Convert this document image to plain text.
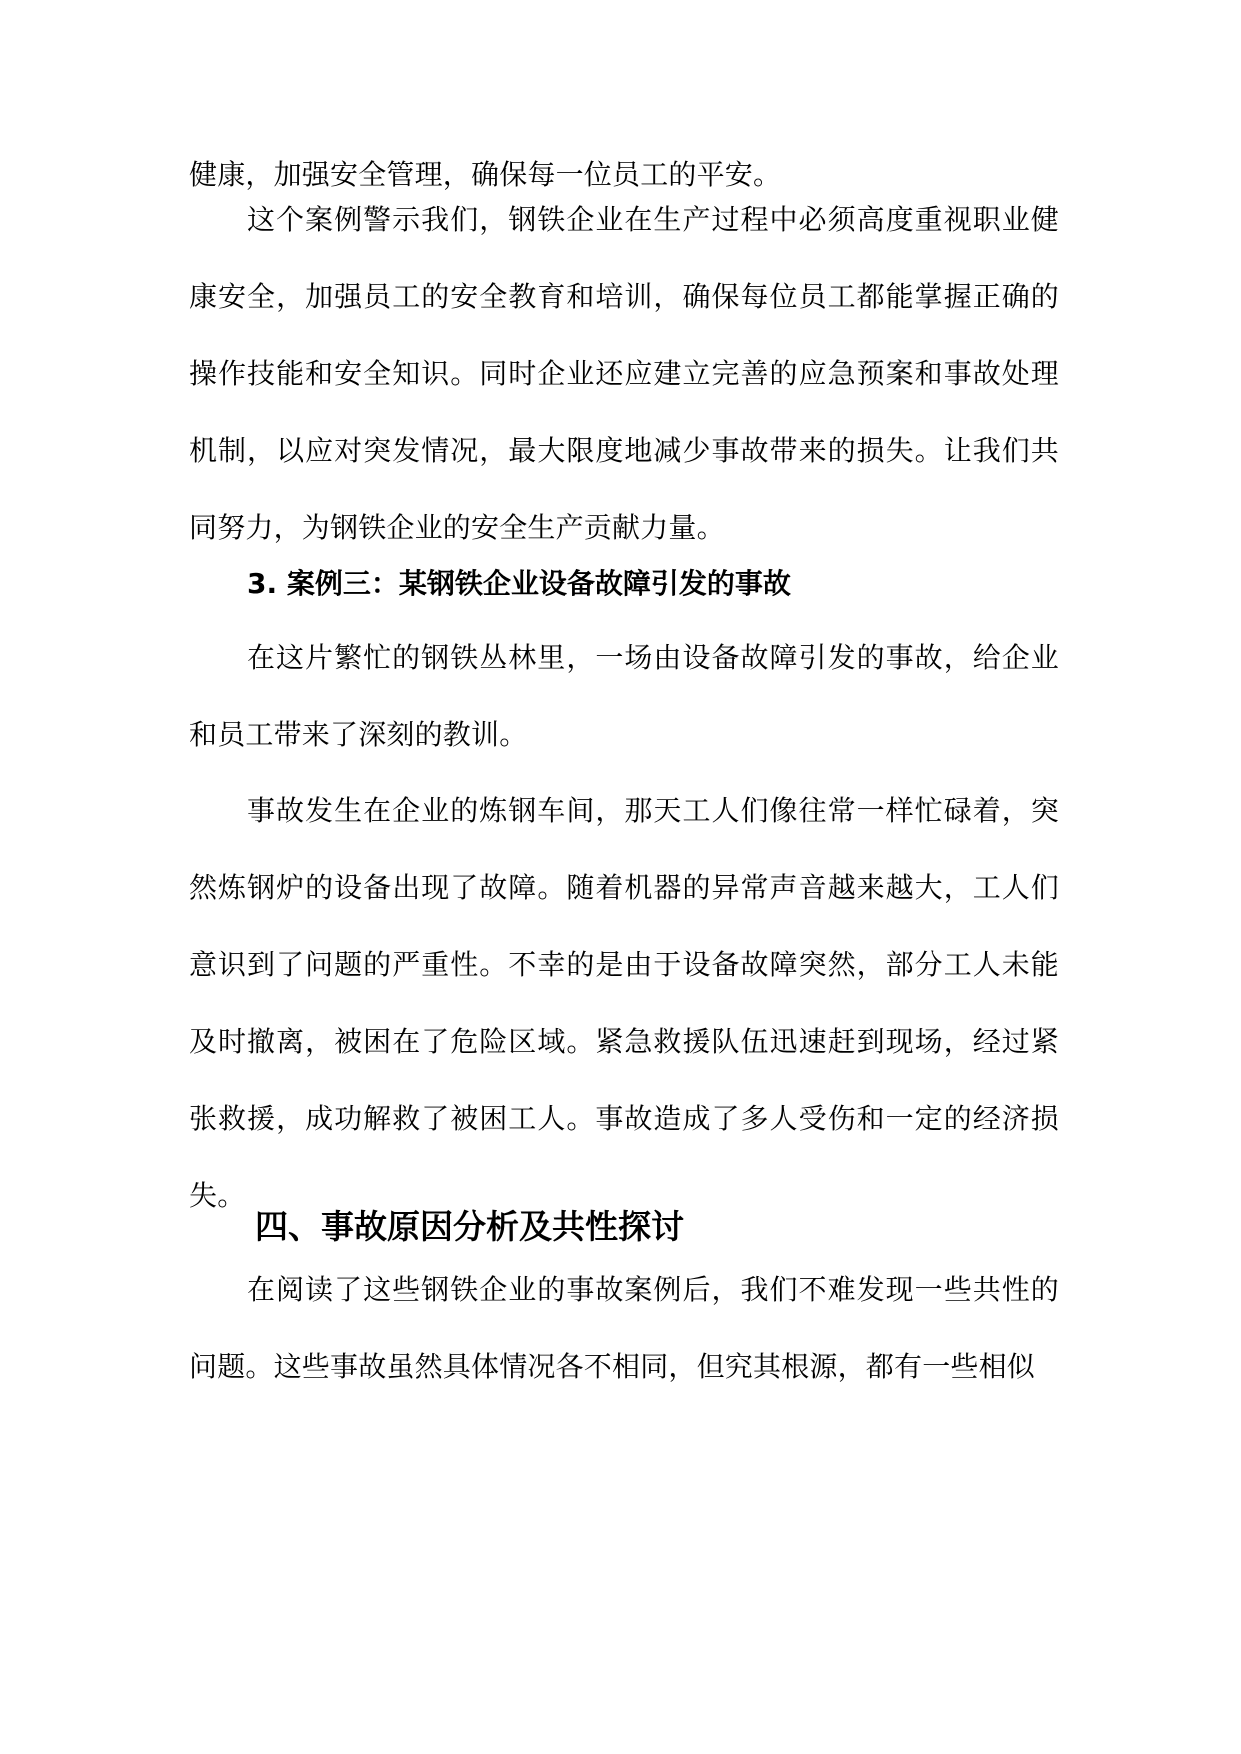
健康，加强安全管理，确保每一位员工的平安。

这个案例警示我们，钢铁企业在生产过程中必须高度重视职业健康安全，加强员工的安全教育和培训，确保每位员工都能掌握正确的操作技能和安全知识。同时企业还应建立完善的应急预案和事故处理机制，以应对突发情况，最大限度地减少事故带来的损失。让我们共同努力，为钢铁企业的安全生产贡献力量。

3. 案例三：某钢铁企业设备故障引发的事故

在这片繁忙的钢铁丛林里，一场由设备故障引发的事故，给企业和员工带来了深刻的教训。

事故发生在企业的炼钢车间，那天工人们像往常一样忙碌着，突然炼钢炉的设备出现了故障。随着机器的异常声音越来越大，工人们意识到了问题的严重性。不幸的是由于设备故障突然，部分工人未能及时撤离，被困在了危险区域。紧急救援队伍迅速赶到现场，经过紧张救援，成功解救了被困工人。事故造成了多人受伤和一定的经济损失。

四、事故原因分析及共性探讨

在阅读了这些钢铁企业的事故案例后，我们不难发现一些共性的问题。这些事故虽然具体情况各不相同，但究其根源，都有一些相似
